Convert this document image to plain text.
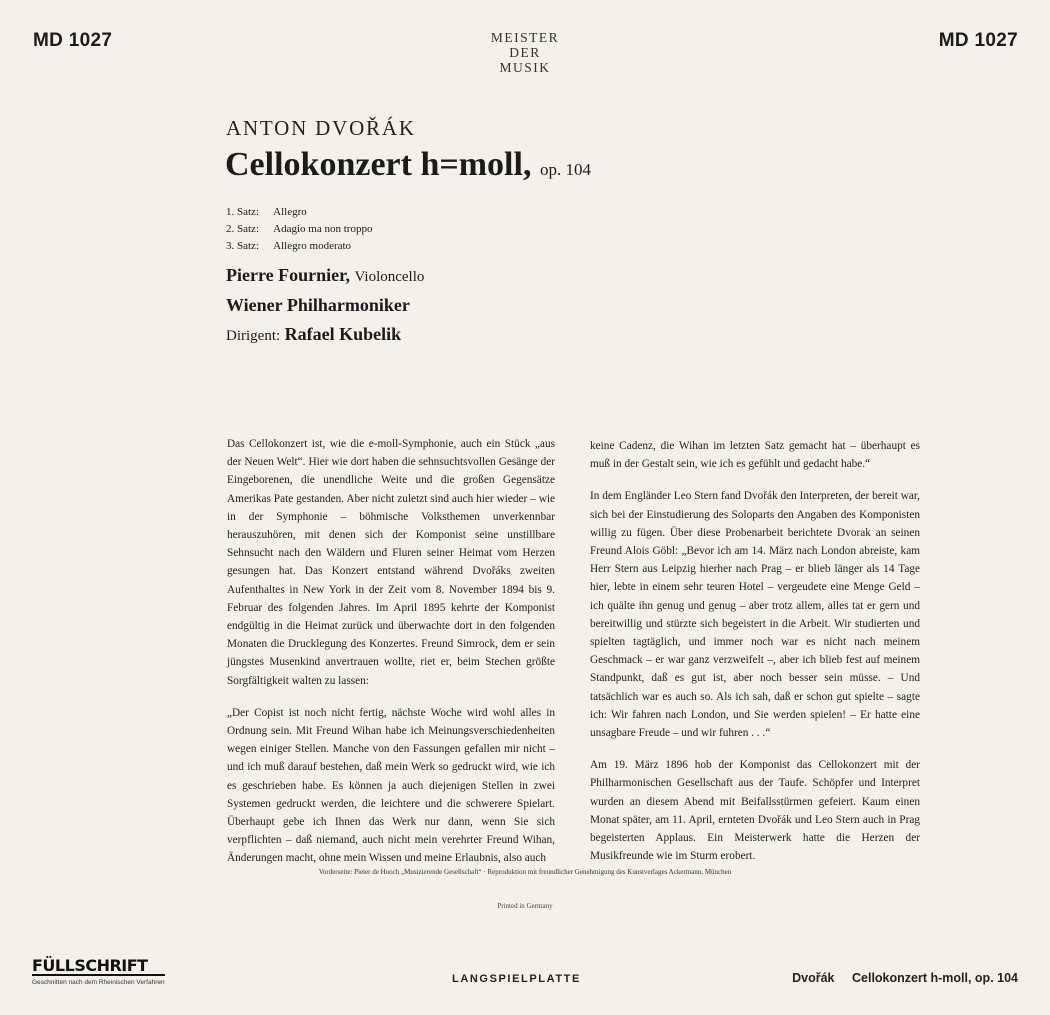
MD 1027	MD 1027
MEISTER
DER
MUSIK
ANTON DVOŘÁK
Cellokonzert h=moll, op. 104
1. Satz: Allegro
2. Satz: Adagio ma non troppo
3. Satz: Allegro moderato
Pierre Fournier, Violoncello
Wiener Philharmoniker
Dirigent: Rafael Kubelik

Das Cellokonzert ist, wie die e-moll-Symphonie, auch ein Stück „aus der Neuen Welt“. Hier wie dort haben die sehnsuchtsvollen Gesänge der Eingeborenen, die unendliche Weite und die großen Gegensätze Amerikas Pate gestanden. Aber nicht zuletzt sind auch hier wieder – wie in der Symphonie – böhmische Volksthemen unverkennbar herauszuhören, mit denen sich der Komponist seine unstillbare Sehnsucht nach den Wäldern und Fluren seiner Heimat vom Herzen gesungen hat. Das Konzert entstand während Dvořáks zweiten Aufenthaltes in New York in der Zeit vom 8. November 1894 bis 9. Februar des folgenden Jahres. Im April 1895 kehrte der Komponist endgültig in die Heimat zurück und überwachte dort in den folgenden Monaten die Drucklegung des Konzertes. Freund Simrock, dem er sein jüngstes Musenkind anvertrauen wollte, riet er, beim Stechen größte Sorgfältigkeit walten zu lassen:

„Der Copist ist noch nicht fertig, nächste Woche wird wohl alles in Ordnung sein. Mit Freund Wihan habe ich Meinungsverschiedenheiten wegen einiger Stellen. Manche von den Fassungen gefallen mir nicht – und ich muß darauf bestehen, daß mein Werk so gedruckt wird, wie ich es geschrieben habe. Es können ja auch diejenigen Stellen in zwei Systemen gedruckt werden, die leichtere und die schwerere Spielart. Überhaupt gebe ich Ihnen das Werk nur dann, wenn Sie sich verpflichten – daß niemand, auch nicht mein verehrter Freund Wihan, Änderungen macht, ohne mein Wissen und meine Erlaubnis, also auch

keine Cadenz, die Wihan im letzten Satz gemacht hat – überhaupt es muß in der Gestalt sein, wie ich es gefühlt und gedacht habe.“

In dem Engländer Leo Stern fand Dvořák den Interpreten, der bereit war, sich bei der Einstudierung des Soloparts den Angaben des Komponisten willig zu fügen. Über diese Probenarbeit berichtete Dvorak an seinen Freund Alois Göbl: „Bevor ich am 14. März nach London abreiste, kam Herr Stern aus Leipzig hierher nach Prag – er blieb länger als 14 Tage hier, lebte in einem sehr teuren Hotel – vergeudete eine Menge Geld – ich quälte ihn genug und genug – aber trotz allem, alles tat er gern und bereitwillig und stürzte sich begeistert in die Arbeit. Wir studierten und spielten tagtäglich, und immer noch war es nicht nach meinem Geschmack – er war ganz verzweifelt –, aber ich blieb fest auf meinem Standpunkt, daß es gut ist, aber noch besser sein müsse. – Und tatsächlich war es auch so. Als ich sah, daß er schon gut spielte – sagte ich: Wir fahren nach London, und Sie werden spielen! – Er hatte eine unsagbare Freude – und wir fuhren . . .“

Am 19. März 1896 hob der Komponist das Cellokonzert mit der Philharmonischen Gesellschaft aus der Taufe. Schöpfer und Interpret wurden an diesem Abend mit Beifallsstürmen gefeiert. Kaum einen Monat später, am 11. April, ernteten Dvořák und Leo Stern auch in Prag begeisterten Applaus. Ein Meisterwerk hatte die Herzen der Musikfreunde wie im Sturm erobert.

Vorderseite: Pieter de Hooch „Musizierende Gesellschaft“ · Reproduktion mit freundlicher Genehmigung des Kunstverlages Ackermann, München
Printed in Germany
FÜLLSCHRIFT
Geschnitten nach dem Rheinischen Verfahren	LANGSPIELPLATTE	Dvořák Cellokonzert h-moll, op. 104
